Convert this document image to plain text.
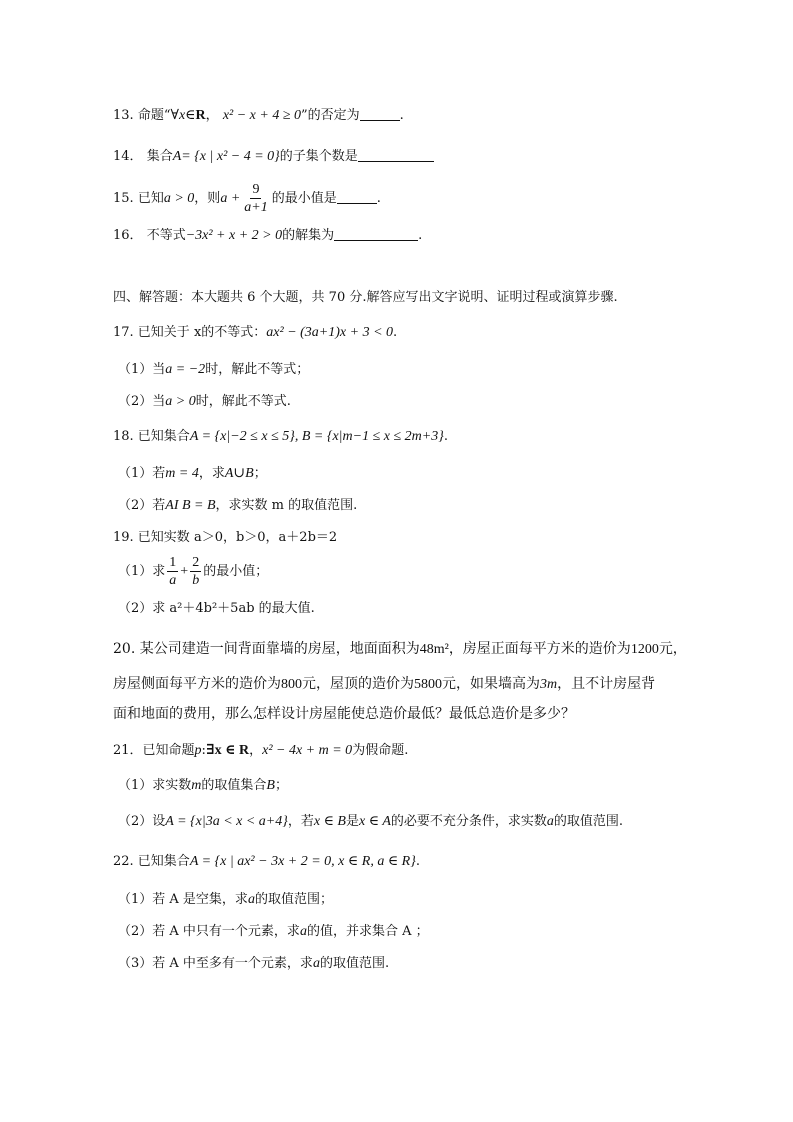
13. 命题“∀x∈R， x² − x + 4 ≥ 0”的否定为	.
14． 集合A= {x | x² − 4 = 0}的子集个数是
15. 已知a > 0，则$a + \frac{9}{a+1}$ 的最小值是	.
16． 不等式−3x² + x + 2 > 0的解集为	.
四、解答题：本大题共 6 个大题，共 70 分.解答应写出文字说明、证明过程或演算步骤.
17. 已知关于 x的不等式：ax² − (3a+1)x + 3 < 0.
（1）当a = −2时，解此不等式；
（2）当a > 0时，解此不等式.
18. 已知集合A = {x|−2 ≤ x ≤ 5}, B = {x|m−1 ≤ x ≤ 2m+3}.
（1）若m = 4，求A∪B；
（2）若AI B = B，求实数 m 的取值范围.
19. 已知实数 a＞0，b＞0，a＋2b＝2
（1）求 $\frac{1}{a} + \frac{2}{b}$ 的最小值；
（2）求 a²＋4b²＋5ab 的最大值.
20. 某公司建造一间背面靠墙的房屋，地面面积为48m²，房屋正面每平方米的造价为1200元，
房屋侧面每平方米的造价为800元，屋顶的造价为5800元，如果墙高为3m，且不计房屋背
面和地面的费用，那么怎样设计房屋能使总造价最低？最低总造价是多少？
21．已知命题p:∃x ∈ R，x² − 4x + m = 0为假命题.
（1）求实数m的取值集合B；
（2）设A = {x|3a < x < a+4}，若x ∈ B是x ∈ A的必要不充分条件，求实数a的取值范围.
22. 已知集合A = {x | ax² − 3x + 2 = 0, x ∈ R, a ∈ R}.
（1）若 A 是空集，求a的取值范围；
（2）若 A 中只有一个元素，求a的值，并求集合 A ；
（3）若 A 中至多有一个元素，求a的取值范围.
